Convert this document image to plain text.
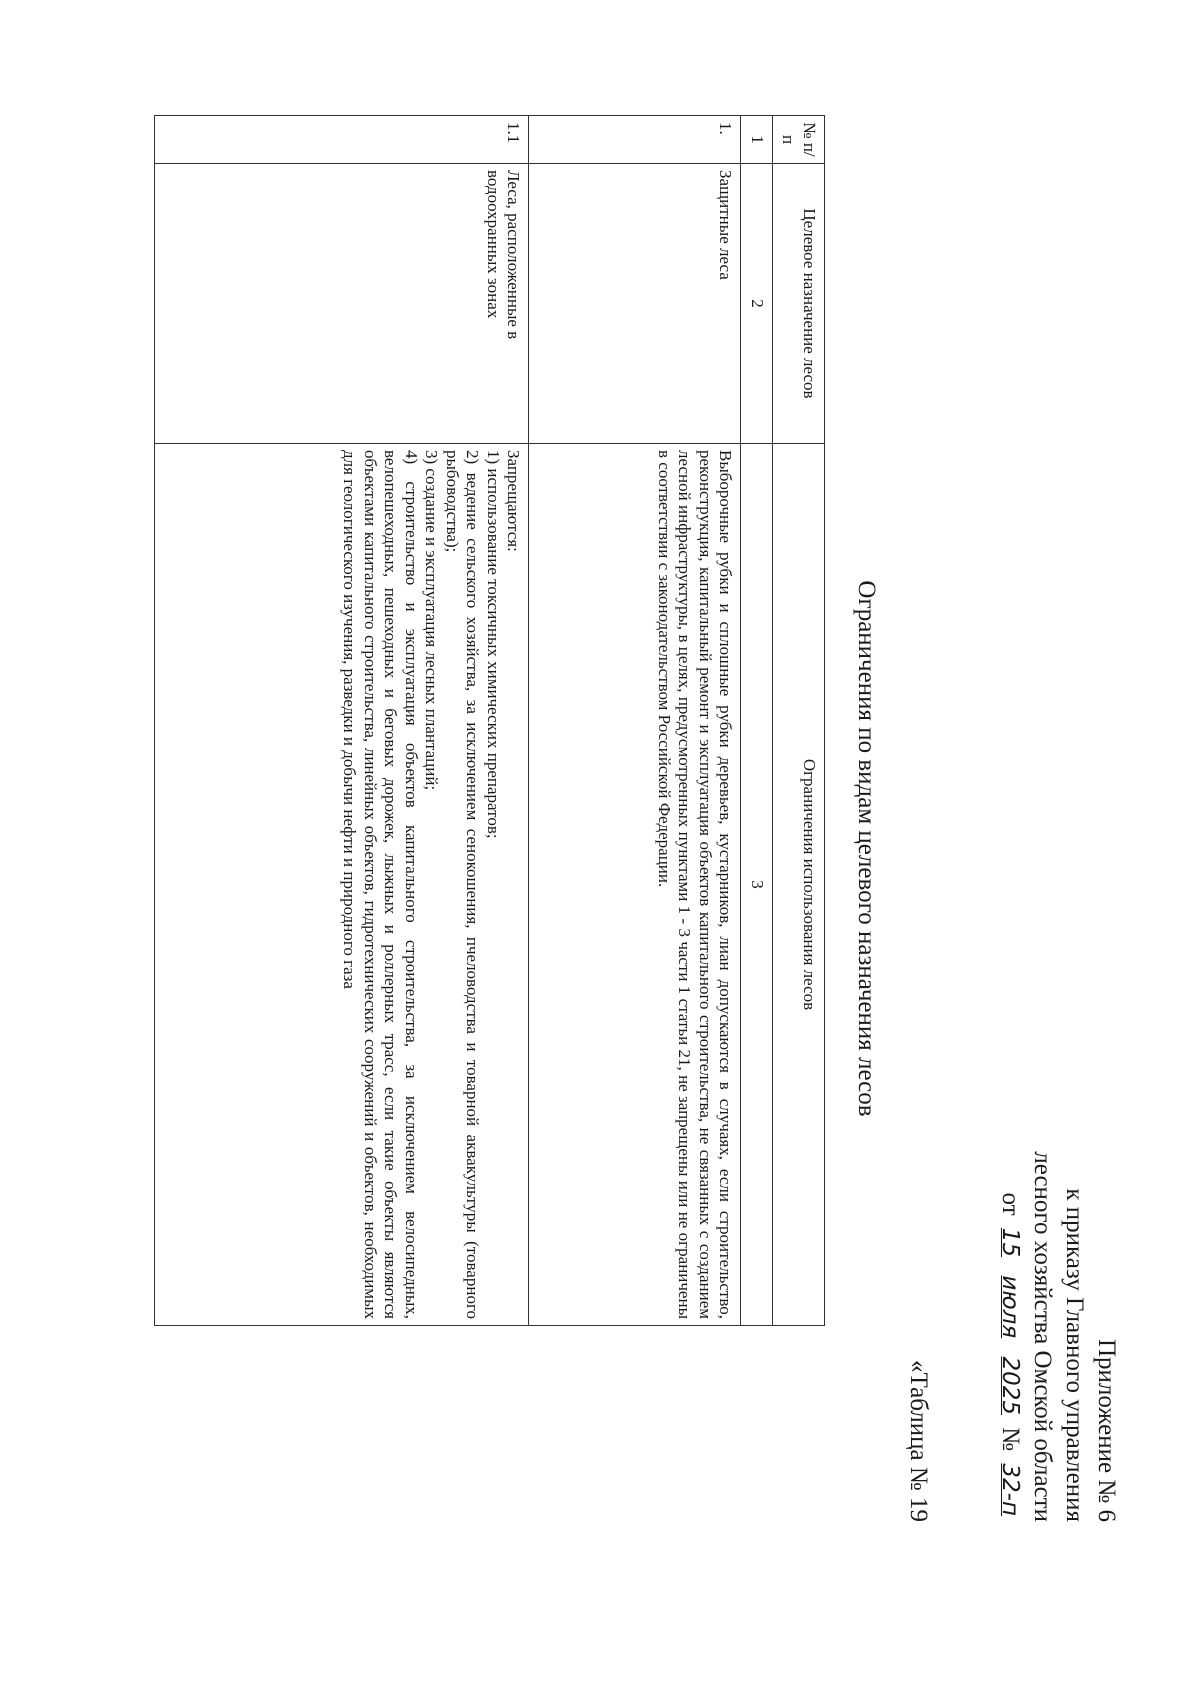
Приложение № 6
к приказу Главного управления
лесного хозяйства Омской области
от 15 июля 2025 № 32-п
«Таблица № 19
Ограничения по видам целевого назначения лесов
№ п/п	Целевое назначение лесов	Ограничения использования лесов
1	2	3
1.	Защитные леса	Выборочные рубки и сплошные рубки деревьев, кустарников, лиан допускаются в случаях, если строительство, реконструкция, капитальный ремонт и эксплуатация объектов капитального строительства, не связанных с созданием лесной инфраструктуры, в целях, предусмотренных пунктами 1 - 3 части 1 статьи 21, не запрещены или не ограничены в соответствии с законодательством Российской Федерации.
1.1	Леса, расположенные в водоохранных зонах	Запрещаются:
1) использование токсичных химических препаратов;
2) ведение сельского хозяйства, за исключением сенокошения, пчеловодства и товарной аквакультуры (товарного рыбоводства);
3) создание и эксплуатация лесных плантаций;
4) строительство и эксплуатация объектов капитального строительства, за исключением велосипедных, велопешеходных, пешеходных и беговых дорожек, лыжных и роллерных трасс, если такие объекты являются объектами капитального строительства, линейных объектов, гидротехнических сооружений и объектов, необходимых для геологического изучения, разведки и добычи нефти и природного газа
